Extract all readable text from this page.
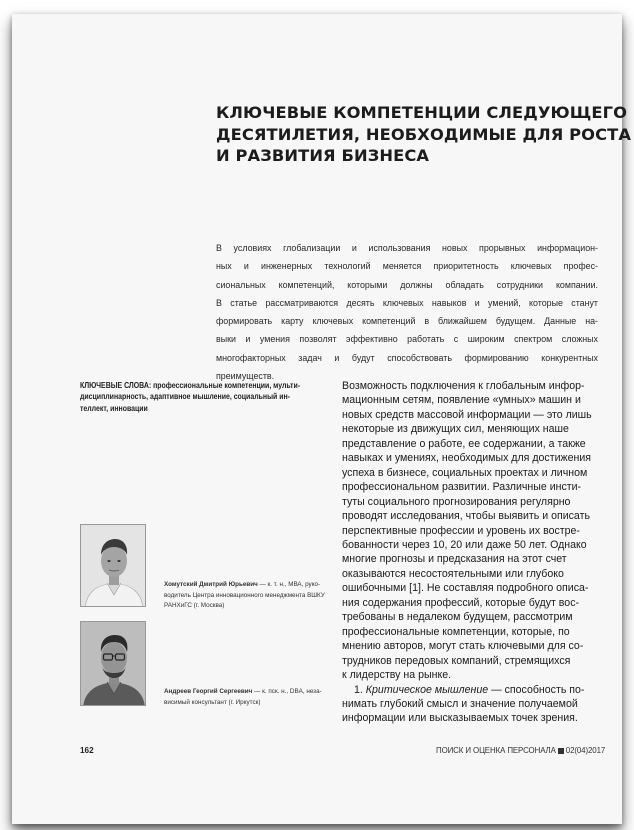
КЛЮЧЕВЫЕ КОМПЕТЕНЦИИ СЛЕДУЮЩЕГО
ДЕСЯТИЛЕТИЯ, НЕОБХОДИМЫЕ ДЛЯ РОСТА
И РАЗВИТИЯ БИЗНЕСА
В условиях глобализации и использования новых прорывных информацион-
ных и инженерных технологий меняется приоритетность ключевых профес-
сиональных компетенций, которыми должны обладать сотрудники компании.
В статье рассматриваются десять ключевых навыков и умений, которые станут
формировать карту ключевых компетенций в ближайшем будущем. Данные на-
выки и умения позволят эффективно работать с широким спектром сложных
многофакторных задач и будут способствовать формированию конкурентных
преимуществ.
КЛЮЧЕВЫЕ СЛОВА: профессиональные компетенции, мульти-
дисциплинарность, адаптивное мышление, социальный ин-
теллект, инновации
Возможность подключения к глобальным инфор-
мационным сетям, появление «умных» машин и
новых средств массовой информации — это лишь
некоторые из движущих сил, меняющих наше
представление о работе, ее содержании, а также
навыках и умениях, необходимых для достижения
успеха в бизнесе, социальных проектах и личном
профессиональном развитии. Различные инсти-
туты социального прогнозирования регулярно
проводят исследования, чтобы выявить и описать
перспективные профессии и уровень их востре-
бованности через 10, 20 или даже 50 лет. Однако
многие прогнозы и предсказания на этот счет
оказываются несостоятельными или глубоко
ошибочными [1]. Не составляя подробного описа-
ния содержания профессий, которые будут вос-
требованы в недалеком будущем, рассмотрим
профессиональные компетенции, которые, по
мнению авторов, могут стать ключевыми для со-
трудников передовых компаний, стремящихся
к лидерству на рынке.
1. Критическое мышление — способность по-
нимать глубокий смысл и значение получаемой
информации или высказываемых точек зрения.
Хомутский Дмитрий Юрьевич — к. т. н., МВА, руко-
водитель Центра инновационного менеджмента ВШКУ
РАНХиГС (г. Москва)
Андреев Георгий Сергеевич — к. пск. н., DBA, неза-
висимый консультант (г. Иркутск)
162	ПОИСК И ОЦЕНКА ПЕРСОНАЛА 02(04)2017
